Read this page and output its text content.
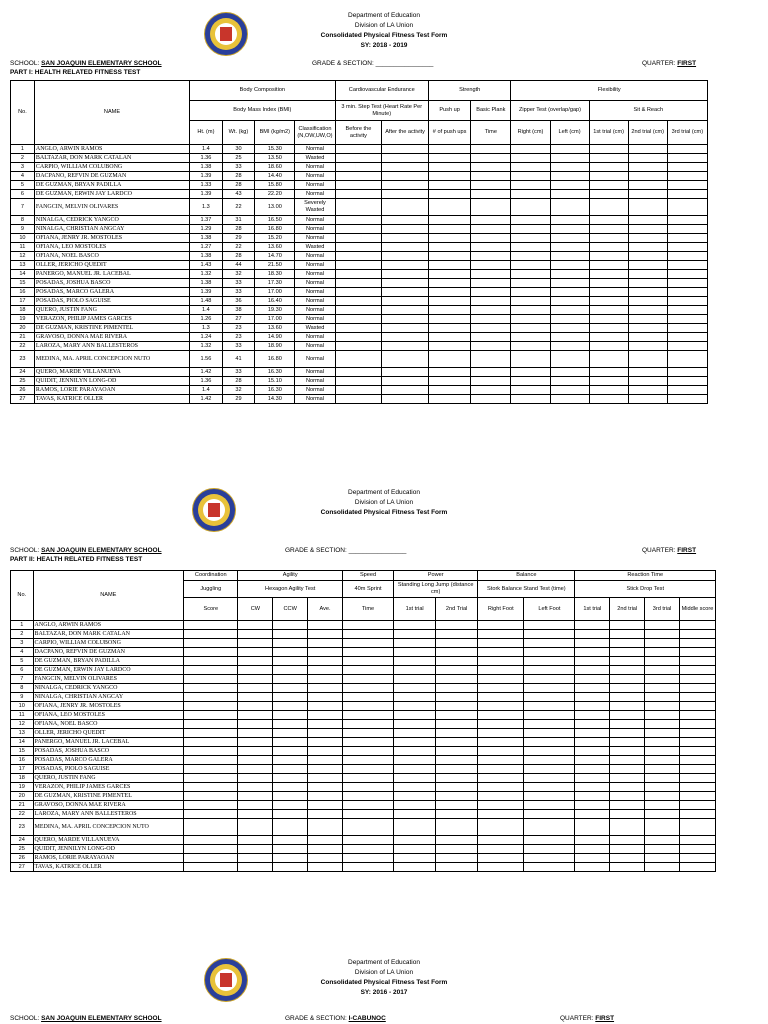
Department of Education
Division of LA Union
Consolidated Physical Fitness Test Form
SY: 2018 - 2019
SCHOOL: SAN JOAQUIN ELEMENTARY SCHOOL	GRADE & SECTION: ________________	QUARTER: FIRST
PART I: HEALTH RELATED FITNESS TEST
No.	NAME	Body Composition				Cardiovascular Endurance		Strength		Flexibility				
		Body Mass Index (BMI)				3 min. Step Test (Heart Rate Per Minute)		Push up	Basic Plank	Zipper Test (overlap/gap)		Sit & Reach		
		Ht. (m)	Wt. (kg)	BMI (kg/m2)	Classification (N,OW,UW,O)	Before the activity	After the activity	# of push ups	Time	Right (cm)	Left (cm)	1st trial (cm)	2nd trial (cm)	3rd trial (cm)
1	ANGLO, ARWIN RAMOS	1.4	30	15.30	Normal									
2	BALTAZAR, DON MARK CATALAN	1.36	25	13.50	Wasted									
3	CARPIO, WILLIAM COLUBONG	1.38	33	18.60	Normal									
4	DACPANO, REFVIN DE GUZMAN	1.39	28	14.40	Normal									
5	DE GUZMAN, BRYAN PADILLA	1.33	28	15.80	Normal									
6	DE GUZMAN, ERWIN JAY LARDCO	1.39	43	22.20	Normal									
7	FANGCIN, MELVIN OLIVARES	1.3	22	13.00	Severely Wasted									
8	NINALGA, CEDRICK YANGCO	1.37	31	16.50	Normal									
9	NINALGA, CHRISTIAN ANGCAY	1.29	28	16.80	Normal									
10	OFIANA, JENRY JR. MOSTOLES	1.38	29	15.20	Normal									
11	OFIANA, LEO MOSTOLES	1.27	22	13.60	Wasted									
12	OFIANA, NOEL BASCO	1.38	28	14.70	Normal									
13	OLLER, JERICHO QUEDIT	1.43	44	21.50	Normal									
14	PANERGO, MANUEL JR. LACEBAL	1.32	32	18.30	Normal									
15	POSADAS, JOSHUA BASCO	1.38	33	17.30	Normal									
16	POSADAS, MARCO GALERA	1.39	33	17.00	Normal									
17	POSADAS, PIOLO SAGUISE	1.48	36	16.40	Normal									
18	QUERO, JUSTIN FANG	1.4	38	19.30	Normal									
19	VERAZON, PHILIP JAMES GARCES	1.26	27	17.00	Normal									
20	DE GUZMAN, KRISTINE PIMENTEL	1.3	23	13.60	Wasted									
21	GRAVOSO, DONNA MAE RIVERA	1.24	23	14.90	Normal									
22	LAROZA, MARY ANN BALLESTEROS	1.32	33	18.90	Normal									
23	MEDINA, MA. APRIL CONCEPCION NUTO	1.56	41	16.80	Normal									
24	QUERO, MARDE VILLANUEVA	1.42	33	16.30	Normal									
25	QUIDIT, JENNILYN LONG-OD	1.36	28	15.10	Normal									
26	RAMOS, LORIE PARAYAOAN	1.4	32	16.30	Normal									
27	TAVAS, KATRICE OLLER	1.42	29	14.30	Normal									
Department of Education
Division of LA Union
Consolidated Physical Fitness Test Form
SCHOOL: SAN JOAQUIN ELEMENTARY SCHOOL	GRADE & SECTION: ________________	QUARTER: FIRST
PART II: HEALTH RELATED FITNESS TEST
No.	NAME	Coordination	Agility			Speed	Power		Balance		Reaction Time			
		Juggling	Hexagon Agility Test			40m Sprint	Standing Long Jump (distance cm)		Stork Balance Stand Test (time)		Stick Drop Test			
		Score	CW	CCW	Ave.	Time	1st trial	2nd Trial	Right Foot	Left Foot	1st trial	2nd trial	3rd trial	Middle score
1	ANGLO, ARWIN RAMOS													
2	BALTAZAR, DON MARK CATALAN													
3	CARPIO, WILLIAM COLUBONG													
4	DACPANO, REFVIN DE GUZMAN													
5	DE GUZMAN, BRYAN PADILLA													
6	DE GUZMAN, ERWIN JAY LARDCO													
7	FANGCIN, MELVIN OLIVARES													
8	NINALGA, CEDRICK YANGCO													
9	NINALGA, CHRISTIAN ANGCAY													
10	OFIANA, JENRY JR. MOSTOLES													
11	OFIANA, LEO MOSTOLES													
12	OFIANA, NOEL BASCO													
13	OLLER, JERICHO QUEDIT													
14	PANERGO, MANUEL JR. LACEBAL													
15	POSADAS, JOSHUA BASCO													
16	POSADAS, MARCO GALERA													
17	POSADAS, PIOLO SAGUISE													
18	QUERO, JUSTIN FANG													
19	VERAZON, PHILIP JAMES GARCES													
20	DE GUZMAN, KRISTINE PIMENTEL													
21	GRAVOSO, DONNA MAE RIVERA													
22	LAROZA, MARY ANN BALLESTEROS													
23	MEDINA, MA. APRIL CONCEPCION NUTO													
24	QUERO, MARDE VILLANUEVA													
25	QUIDIT, JENNILYN LONG-OD													
26	RAMOS, LORIE PARAYAOAN													
27	TAVAS, KATRICE OLLER													
Department of Education
Division of LA Union
Consolidated Physical Fitness Test Form
SY: 2016 - 2017
SCHOOL: SAN JOAQUIN ELEMENTARY SCHOOL	GRADE & SECTION: I-CABUNOC	QUARTER: FIRST
